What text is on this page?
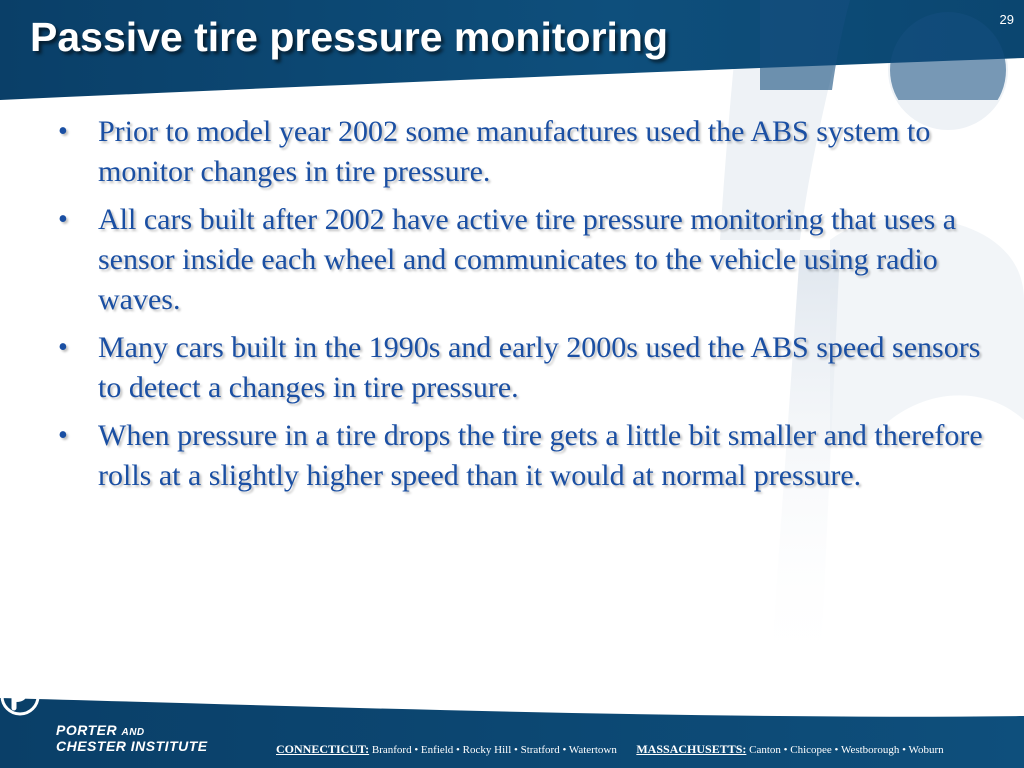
Passive tire pressure monitoring	29
• Prior to model year 2002 some manufactures used the ABS system to monitor changes in tire pressure.
• All cars built after 2002 have active tire pressure monitoring that uses a sensor inside each wheel and communicates to the vehicle using radio waves.
• Many cars built in the 1990s and early 2000s used the ABS speed sensors to detect a changes in tire pressure.
• When pressure in a tire drops the tire gets a little bit smaller and therefore rolls at a slightly higher speed than it would at normal pressure.
PORTER AND
CHESTER INSTITUTE	CONNECTICUT: Branford • Enfield • Rocky Hill • Stratford • Watertown MASSACHUSETTS: Canton • Chicopee • Westborough • Woburn
